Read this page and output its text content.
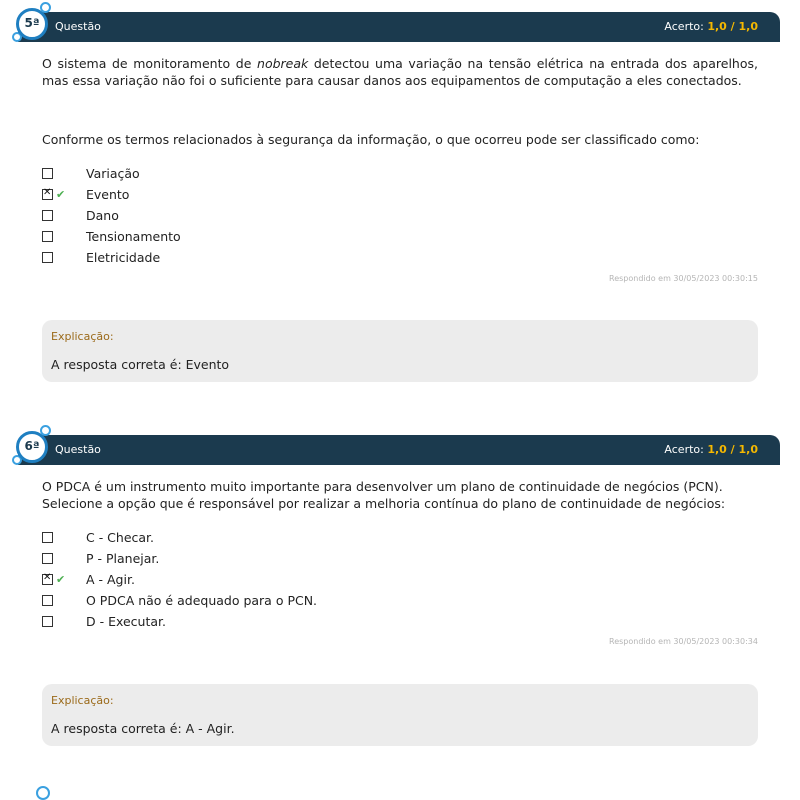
Questão	Acerto: 1,0 / 1,0
5ª
O sistema de monitoramento de nobreak detectou uma variação na tensão elétrica na entrada dos aparelhos, mas essa variação não foi o suficiente para causar danos aos equipamentos de computação a eles conectados.
Conforme os termos relacionados à segurança da informação, o que ocorreu pode ser classificado como:
Variação
✕
✔ Evento
Dano
Tensionamento
Eletricidade
Respondido em 30/05/2023 00:30:15
Explicação:
A resposta correta é: Evento
Questão	Acerto: 1,0 / 1,0
6ª
O PDCA é um instrumento muito importante para desenvolver um plano de continuidade de negócios (PCN). Selecione a opção que é responsável por realizar a melhoria contínua do plano de continuidade de negócios:
C - Checar.
P - Planejar.
✕
✔ A - Agir.
O PDCA não é adequado para o PCN.
D - Executar.
Respondido em 30/05/2023 00:30:34
Explicação:
A resposta correta é: A - Agir.
